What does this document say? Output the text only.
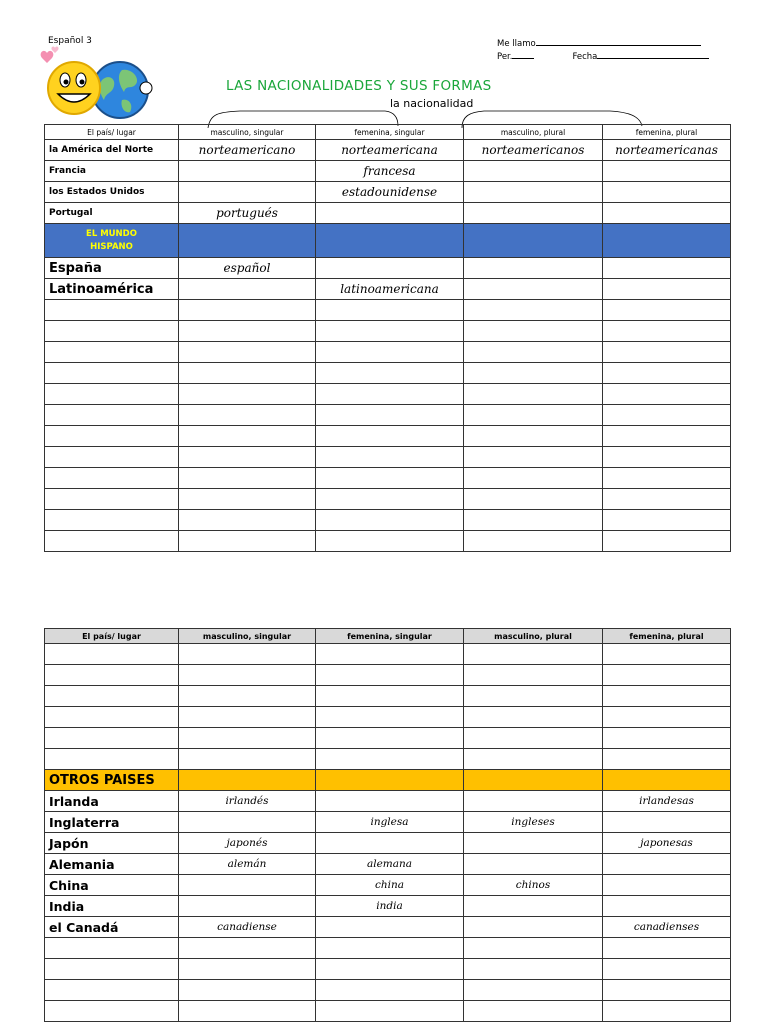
Español 3	Me llamo
Per.	Fecha
LAS NACIONALIDADES Y SUS FORMAS
la nacionalidad
El país/ lugar	masculino, singular	femenina, singular	masculino, plural	femenina, plural
la América del Norte	norteamericano	norteamericana	norteamericanos	norteamericanas
Francia		francesa		
los Estados Unidos		estadounidense		
Portugal	portugués			
EL MUNDO
HISPANO				
España	español			
Latinoamérica		latinoamericana		

El país/ lugar	masculino, singular	femenina, singular	masculino, plural	femenina, plural

OTROS PAISES				
Irlanda	irlandés			irlandesas
Inglaterra		inglesa	ingleses	
Japón	japonés			japonesas
Alemania	alemán	alemana		
China		china	chinos	
India		india		
el Canadá	canadiense			canadienses
